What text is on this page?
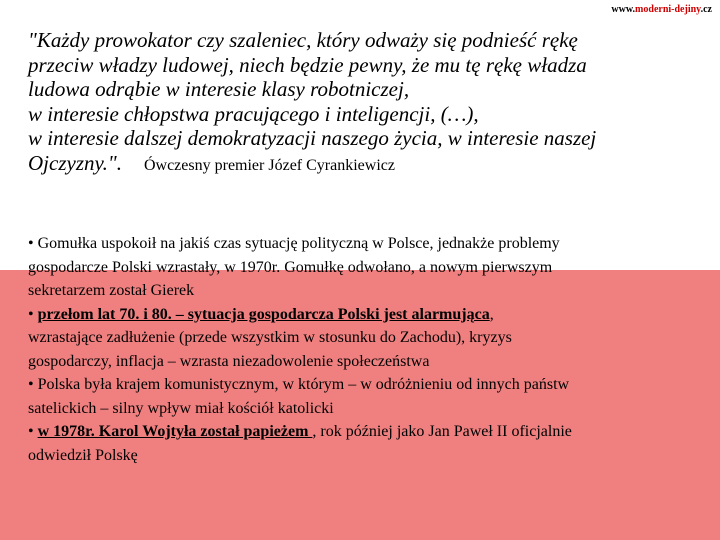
www.moderni-dejiny.cz
"Każdy prowokator czy szaleniec, który odważy się podnieść rękę
przeciw władzy ludowej, niech będzie pewny, że mu tę rękę władza
ludowa odrąbie w interesie klasy robotniczej,
w interesie chłopstwa pracującego i inteligencji, (…),
w interesie dalszej demokratyzacji naszego życia, w interesie naszej
Ojczyzny.". Ówczesny premier Józef Cyrankiewicz
• Gomułka uspokoił na jakiś czas sytuację polityczną w Polsce, jednakże problemy
gospodarcze Polski wzrastały, w 1970r. Gomułkę odwołano, a nowym pierwszym
sekretarzem został Gierek
• przełom lat 70. i 80. – sytuacja gospodarcza Polski jest alarmująca,
wzrastające zadłużenie (przede wszystkim w stosunku do Zachodu), kryzys
gospodarczy, inflacja – wzrasta niezadowolenie społeczeństwa
• Polska była krajem komunistycznym, w którym – w odróżnieniu od innych państw
satelickich – silny wpływ miał kościół katolicki
• w 1978r. Karol Wojtyła został papieżem , rok później jako Jan Paweł II oficjalnie
odwiedził Polskę
